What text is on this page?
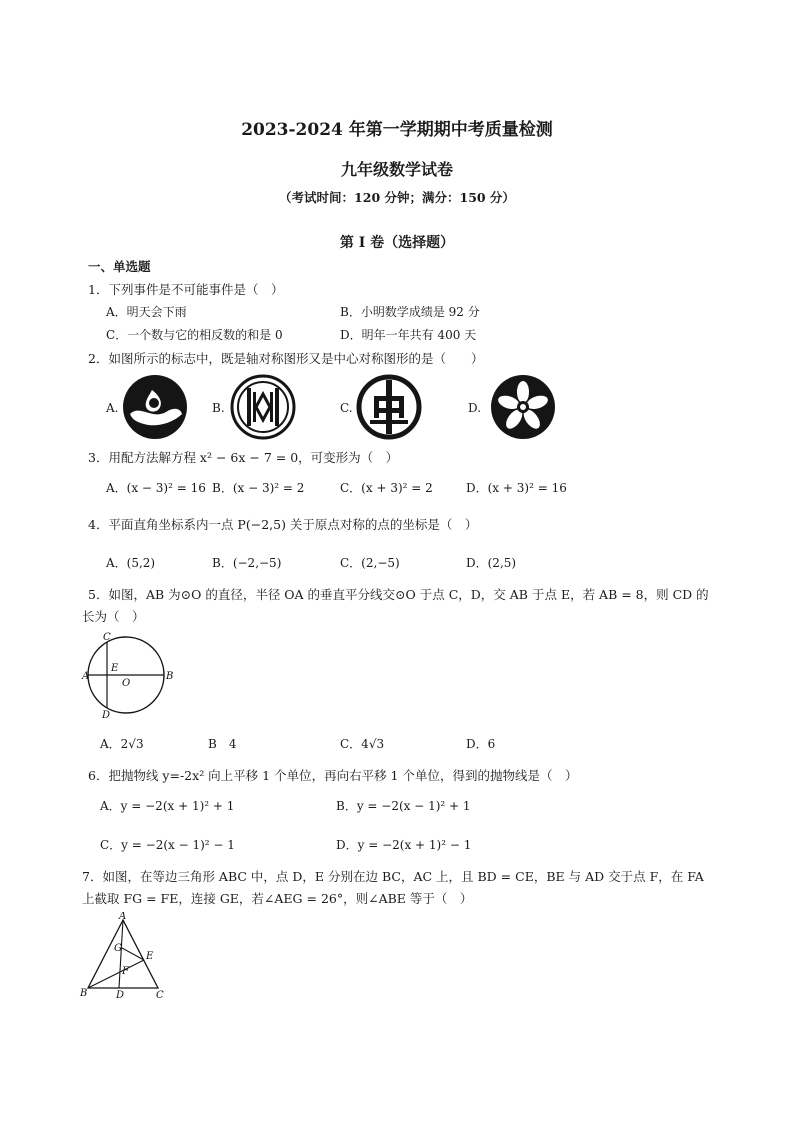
2023-2024 年第一学期期中考质量检测
九年级数学试卷
（考试时间：120 分钟；满分：150 分）
第 I 卷（选择题）
一、单选题
1．下列事件是不可能事件是（　）
A．明天会下雨	B．小明数学成绩是 92 分
C．一个数与它的相反数的和是 0	D．明年一年共有 400 天
2．如图所示的标志中，既是轴对称图形又是中心对称图形的是（　　）
A.	B.	C.	D.
3．用配方法解方程 x² − 6x − 7 = 0，可变形为（　）
A．(x − 3)² = 16 B．(x − 3)² = 2	C．(x + 3)² = 2	D．(x + 3)² = 16
4．平面直角坐标系内一点 P(−2,5) 关于原点对称的点的坐标是（　）
A．(5,2)	B．(−2,−5)	C．(2,−5)	D．(2,5)
5．如图，AB 为⊙O 的直径，半径 OA 的垂直平分线交⊙O 于点 C，D，交 AB 于点 E，若 AB = 8，则 CD 的
长为（　）
C
E
A
O
B
D
A．2√3	B　4	C．4√3	D．6
6．把抛物线 y=-2x² 向上平移 1 个单位，再向右平移 1 个单位，得到的抛物线是（　）
A．y = −2(x + 1)² + 1	B．y = −2(x − 1)² + 1
C．y = −2(x − 1)² − 1	D．y = −2(x + 1)² − 1
7．如图，在等边三角形 ABC 中，点 D，E 分别在边 BC，AC 上，且 BD = CE，BE 与 AD 交于点 F，在 FA
上截取 FG = FE，连接 GE，若∠AEG = 26°，则∠ABE 等于（　）
A
G
E
F
B	D	C
